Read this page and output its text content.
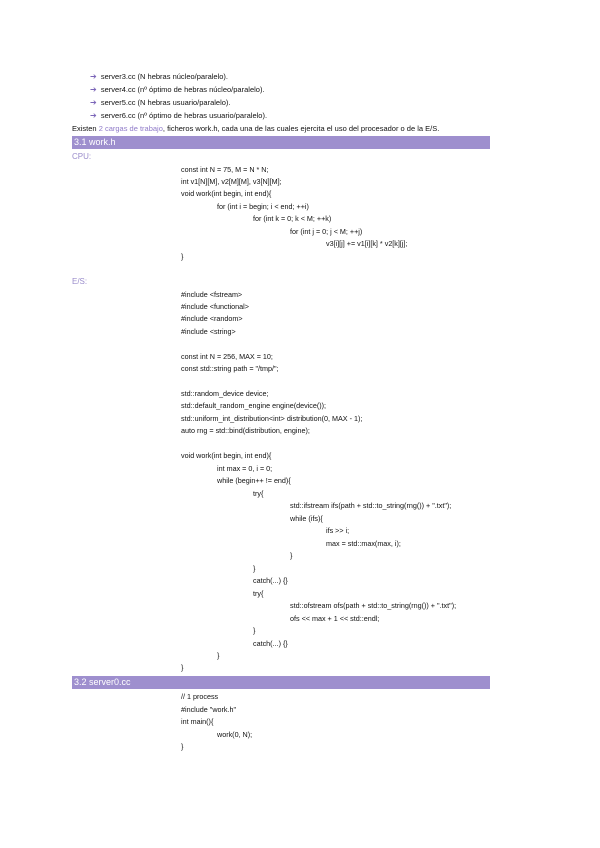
➔ server3.cc (N hebras núcleo/paralelo).
➔ server4.cc (nº óptimo de hebras núcleo/paralelo).
➔ server5.cc (N hebras usuario/paralelo).
➔ server6.cc (nº óptimo de hebras usuario/paralelo).
Existen 2 cargas de trabajo, ficheros work.h, cada una de las cuales ejercita el uso del procesador o de la E/S.
3.1 work.h
CPU:
const int N = 75, M = N * N;
int v1[N][M], v2[M][M], v3[N][M];
void work(int begin, int end){
for (int i = begin; i < end; ++i)
for (int k = 0; k < M; ++k)
for (int j = 0; j < M; ++j)
v3[i][j] += v1[i][k] * v2[k][j];
}
E/S:
#include <fstream>
#include <functional>
#include <random>
#include <string>
const int N = 256, MAX = 10;
const std::string path = "/tmp/";
std::random_device device;
std::default_random_engine engine(device());
std::uniform_int_distribution<int> distribution(0, MAX - 1);
auto rng = std::bind(distribution, engine);
void work(int begin, int end){
int max = 0, i = 0;
while (begin++ != end){
try{
std::ifstream ifs(path + std::to_string(rng()) + ".txt");
while (ifs){
ifs >> i;
max = std::max(max, i);
}
}
catch(...) {}
try{
std::ofstream ofs(path + std::to_string(rng()) + ".txt");
ofs << max + 1 << std::endl;
}
catch(...) {}
}
}
3.2 server0.cc
// 1 process
#include "work.h"
int main(){
work(0, N);
}
